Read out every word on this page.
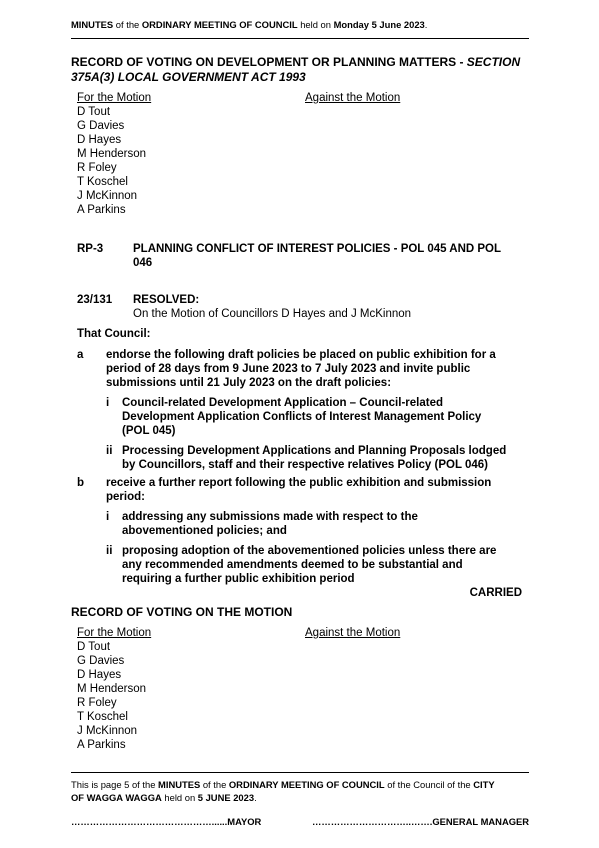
MINUTES of the ORDINARY MEETING OF COUNCIL held on Monday 5 June 2023.
RECORD OF VOTING ON DEVELOPMENT OR PLANNING MATTERS - SECTION
375A(3) LOCAL GOVERNMENT ACT 1993
For the Motion
D Tout
G Davies
D Hayes
M Henderson
R Foley
T Koschel
J McKinnon
A Parkins
Against the Motion
RP-3	PLANNING CONFLICT OF INTEREST POLICIES - POL 045 AND POL
046
23/131 RESOLVED:
On the Motion of Councillors D Hayes and J McKinnon
That Council:
a endorse the following draft policies be placed on public exhibition for a
period of 28 days from 9 June 2023 to 7 July 2023 and invite public
submissions until 21 July 2023 on the draft policies:
i Council-related Development Application – Council-related
Development Application Conflicts of Interest Management Policy
(POL 045)
ii Processing Development Applications and Planning Proposals lodged
by Councillors, staff and their respective relatives Policy (POL 046)
b receive a further report following the public exhibition and submission
period:
i addressing any submissions made with respect to the
abovementioned policies; and
ii proposing adoption of the abovementioned policies unless there are
any recommended amendments deemed to be substantial and
requiring a further public exhibition period
CARRIED
RECORD OF VOTING ON THE MOTION
For the Motion
D Tout
G Davies
D Hayes
M Henderson
R Foley
T Koschel
J McKinnon
A Parkins
Against the Motion
This is page 5 of the MINUTES of the ORDINARY MEETING OF COUNCIL of the Council of the CITY
OF WAGGA WAGGA held on 5 JUNE 2023.
………………………………………......MAYOR	…………………………..…….GENERAL MANAGER
